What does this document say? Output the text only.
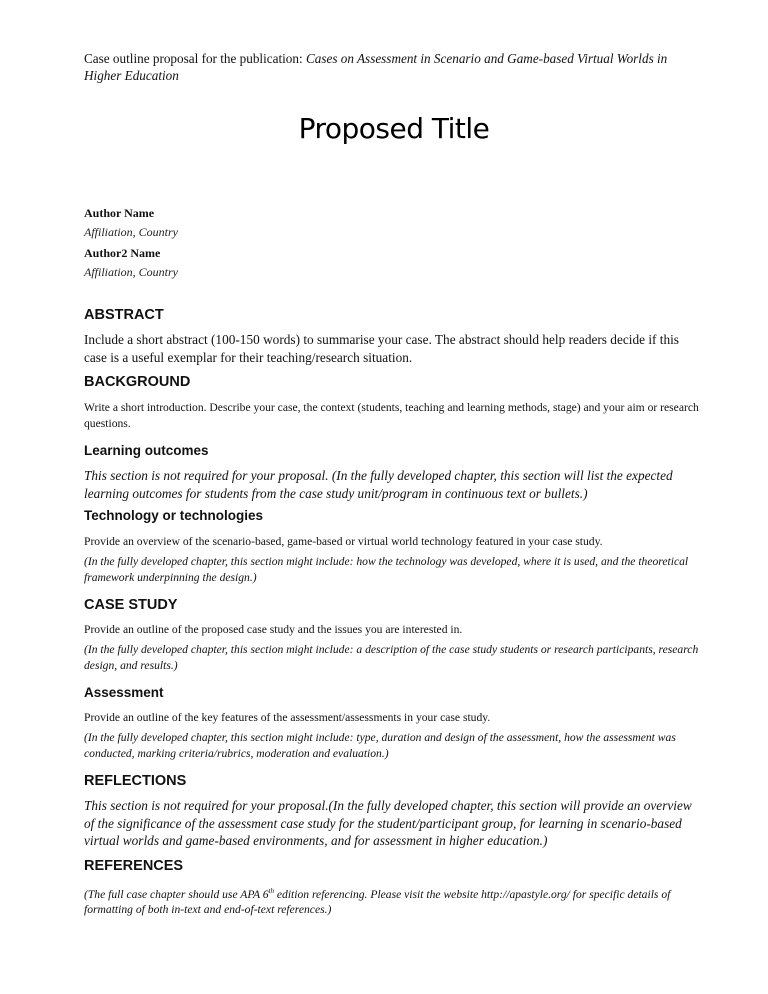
Case outline proposal for the publication: Cases on Assessment in Scenario and Game-based Virtual Worlds in Higher Education
Proposed Title
Author Name
Affiliation, Country
Author2 Name
Affiliation, Country
ABSTRACT
Include a short abstract (100-150 words) to summarise your case. The abstract should help readers decide if this case is a useful exemplar for their teaching/research situation.
BACKGROUND
Write a short introduction. Describe your case, the context (students, teaching and learning methods, stage) and your aim or research questions.
Learning outcomes
This section is not required for your proposal. (In the fully developed chapter, this section will list the expected learning outcomes for students from the case study unit/program in continuous text or bullets.)
Technology or technologies
Provide an overview of the scenario-based, game-based or virtual world technology featured in your case study.
(In the fully developed chapter, this section might include: how the technology was developed, where it is used, and the theoretical framework underpinning the design.)
CASE STUDY
Provide an outline of the proposed case study and the issues you are interested in.
(In the fully developed chapter, this section might include: a description of the case study students or research participants, research design, and results.)
Assessment
Provide an outline of the key features of the assessment/assessments in your case study.
(In the fully developed chapter, this section might include: type, duration and design of the assessment, how the assessment was conducted, marking criteria/rubrics, moderation and evaluation.)
REFLECTIONS
This section is not required for your proposal.(In the fully developed chapter, this section will provide an overview of the significance of the assessment case study for the student/participant group, for learning in scenario-based virtual worlds and game-based environments, and for assessment in higher education.)
REFERENCES
(The full case chapter should use APA 6th edition referencing. Please visit the website http://apastyle.org/ for specific details of formatting of both in-text and end-of-text references.)
